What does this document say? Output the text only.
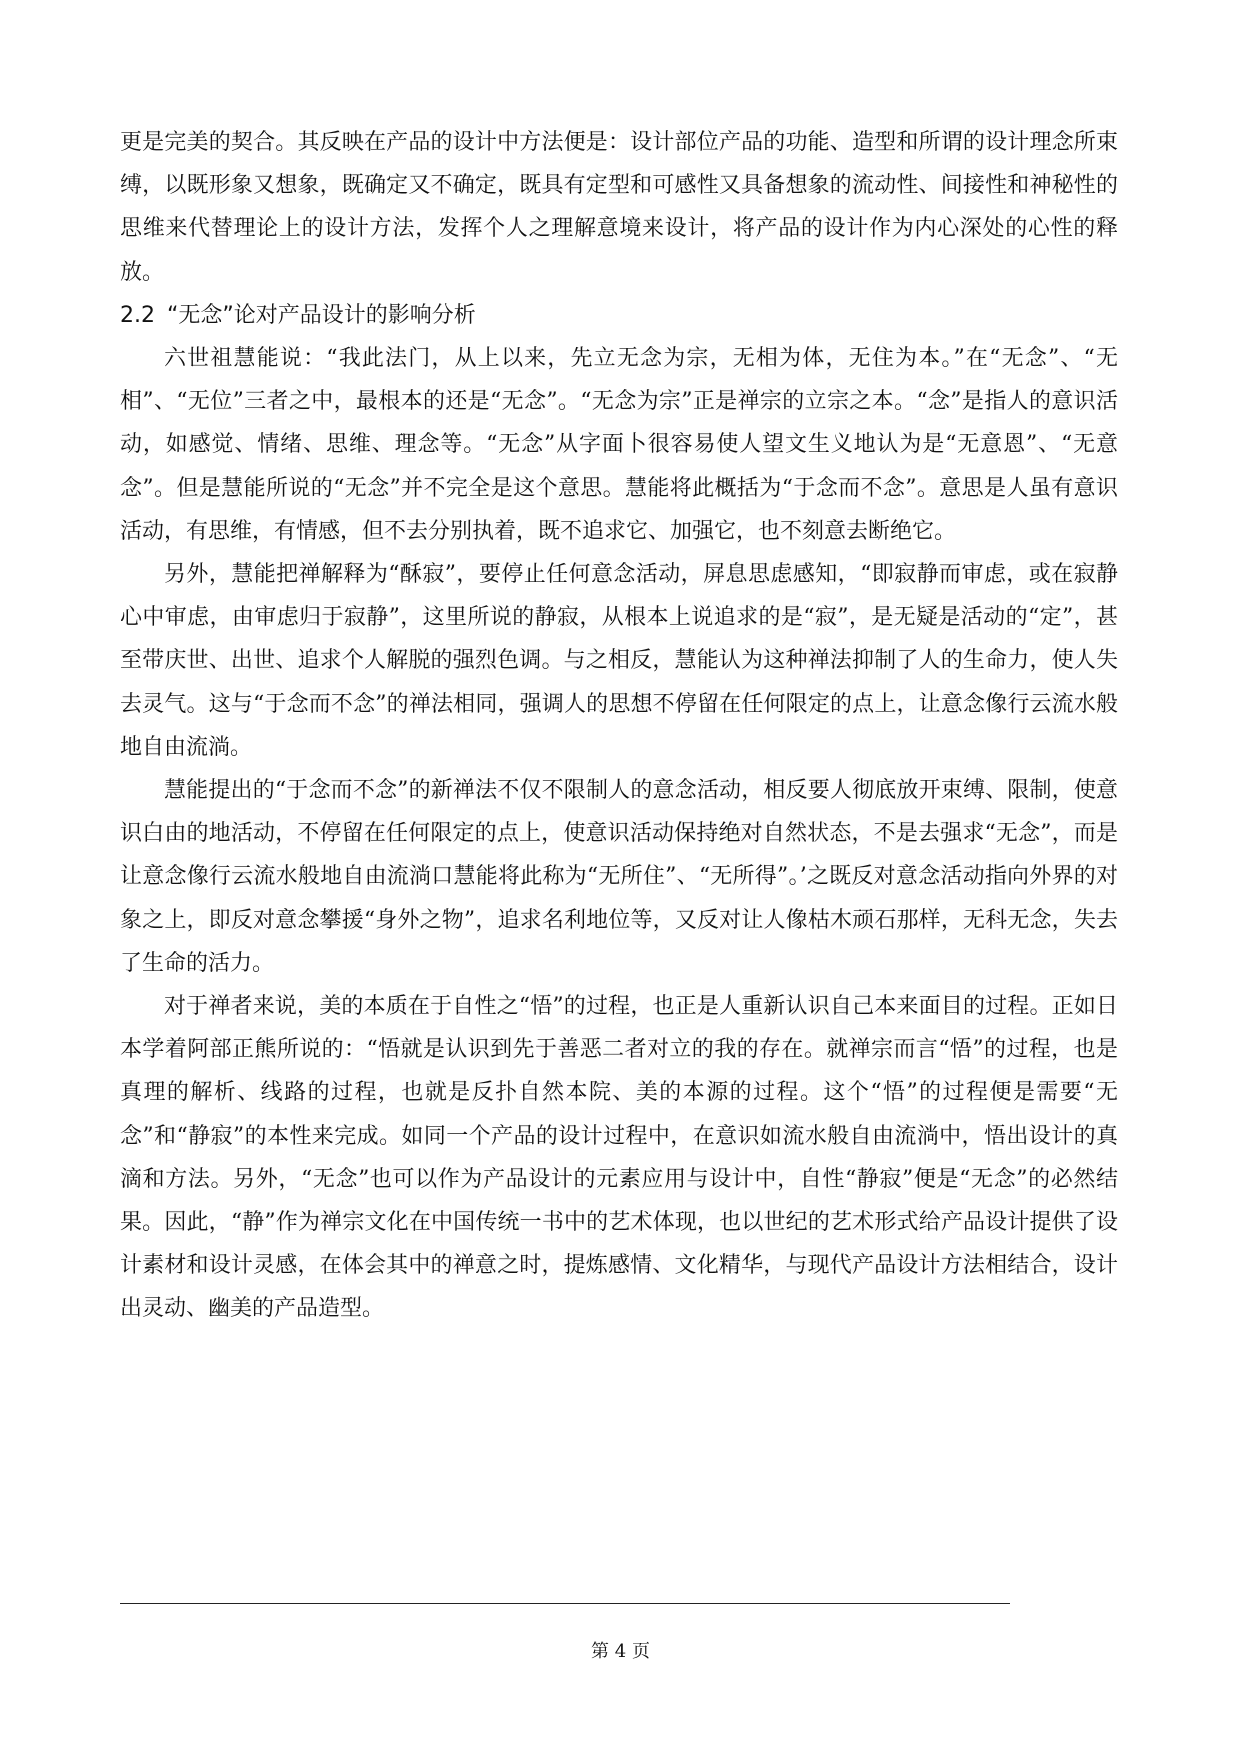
更是完美的契合。其反映在产品的设计中方法便是：设计部位产品的功能、造型和所谓的设计理念所束缚，以既形象又想象，既确定又不确定，既具有定型和可感性又具备想象的流动性、间接性和神秘性的思维来代替理论上的设计方法，发挥个人之理解意境来设计，将产品的设计作为内心深处的心性的释放。

2.2 “无念”论对产品设计的影响分析

六世祖慧能说：“我此法门，从上以来，先立无念为宗，无相为体，无住为本。”在“无念”、“无相”、“无位”三者之中，最根本的还是“无念”。“无念为宗”正是禅宗的立宗之本。“念”是指人的意识活动，如感觉、情绪、思维、理念等。“无念”从字面卜很容易使人望文生义地认为是“无意恩”、“无意念”。但是慧能所说的“无念”并不完全是这个意思。慧能将此概括为“于念而不念”。意思是人虽有意识活动，有思维，有情感，但不去分别执着，既不追求它、加强它，也不刻意去断绝它。

另外，慧能把禅解释为“酥寂”，要停止任何意念活动，屏息思虑感知，“即寂静而审虑，或在寂静心中审虑，由审虑归于寂静”，这里所说的静寂，从根本上说追求的是“寂”，是无疑是活动的“定”，甚至带庆世、出世、追求个人解脱的强烈色调。与之相反，慧能认为这种禅法抑制了人的生命力，使人失去灵气。这与“于念而不念”的禅法相同，强调人的思想不停留在任何限定的点上，让意念像行云流水般地自由流淌。

慧能提出的“于念而不念”的新禅法不仅不限制人的意念活动，相反要人彻底放开束缚、限制，使意识白由的地活动，不停留在任何限定的点上，使意识活动保持绝对自然状态，不是去强求“无念”，而是让意念像行云流水般地自由流淌口慧能将此称为“无所住”、“无所得”。’之既反对意念活动指向外界的对象之上，即反对意念攀援“身外之物”，追求名利地位等，又反对让人像枯木顽石那样，无科无念，失去了生命的活力。

对于禅者来说，美的本质在于自性之“悟”的过程，也正是人重新认识自己本来面目的过程。正如日本学着阿部正熊所说的：“悟就是认识到先于善恶二者对立的我的存在。就禅宗而言“悟”的过程，也是真理的解析、线路的过程，也就是反扑自然本院、美的本源的过程。这个“悟”的过程便是需要“无念”和“静寂”的本性来完成。如同一个产品的设计过程中，在意识如流水般自由流淌中，悟出设计的真滴和方法。另外，“无念”也可以作为产品设计的元素应用与设计中，自性“静寂”便是“无念”的必然结果。因此，“静”作为禅宗文化在中国传统一书中的艺术体现，也以世纪的艺术形式给产品设计提供了设计素材和设计灵感，在体会其中的禅意之时，提炼感情、文化精华，与现代产品设计方法相结合，设计出灵动、幽美的产品造型。

第 4 页
